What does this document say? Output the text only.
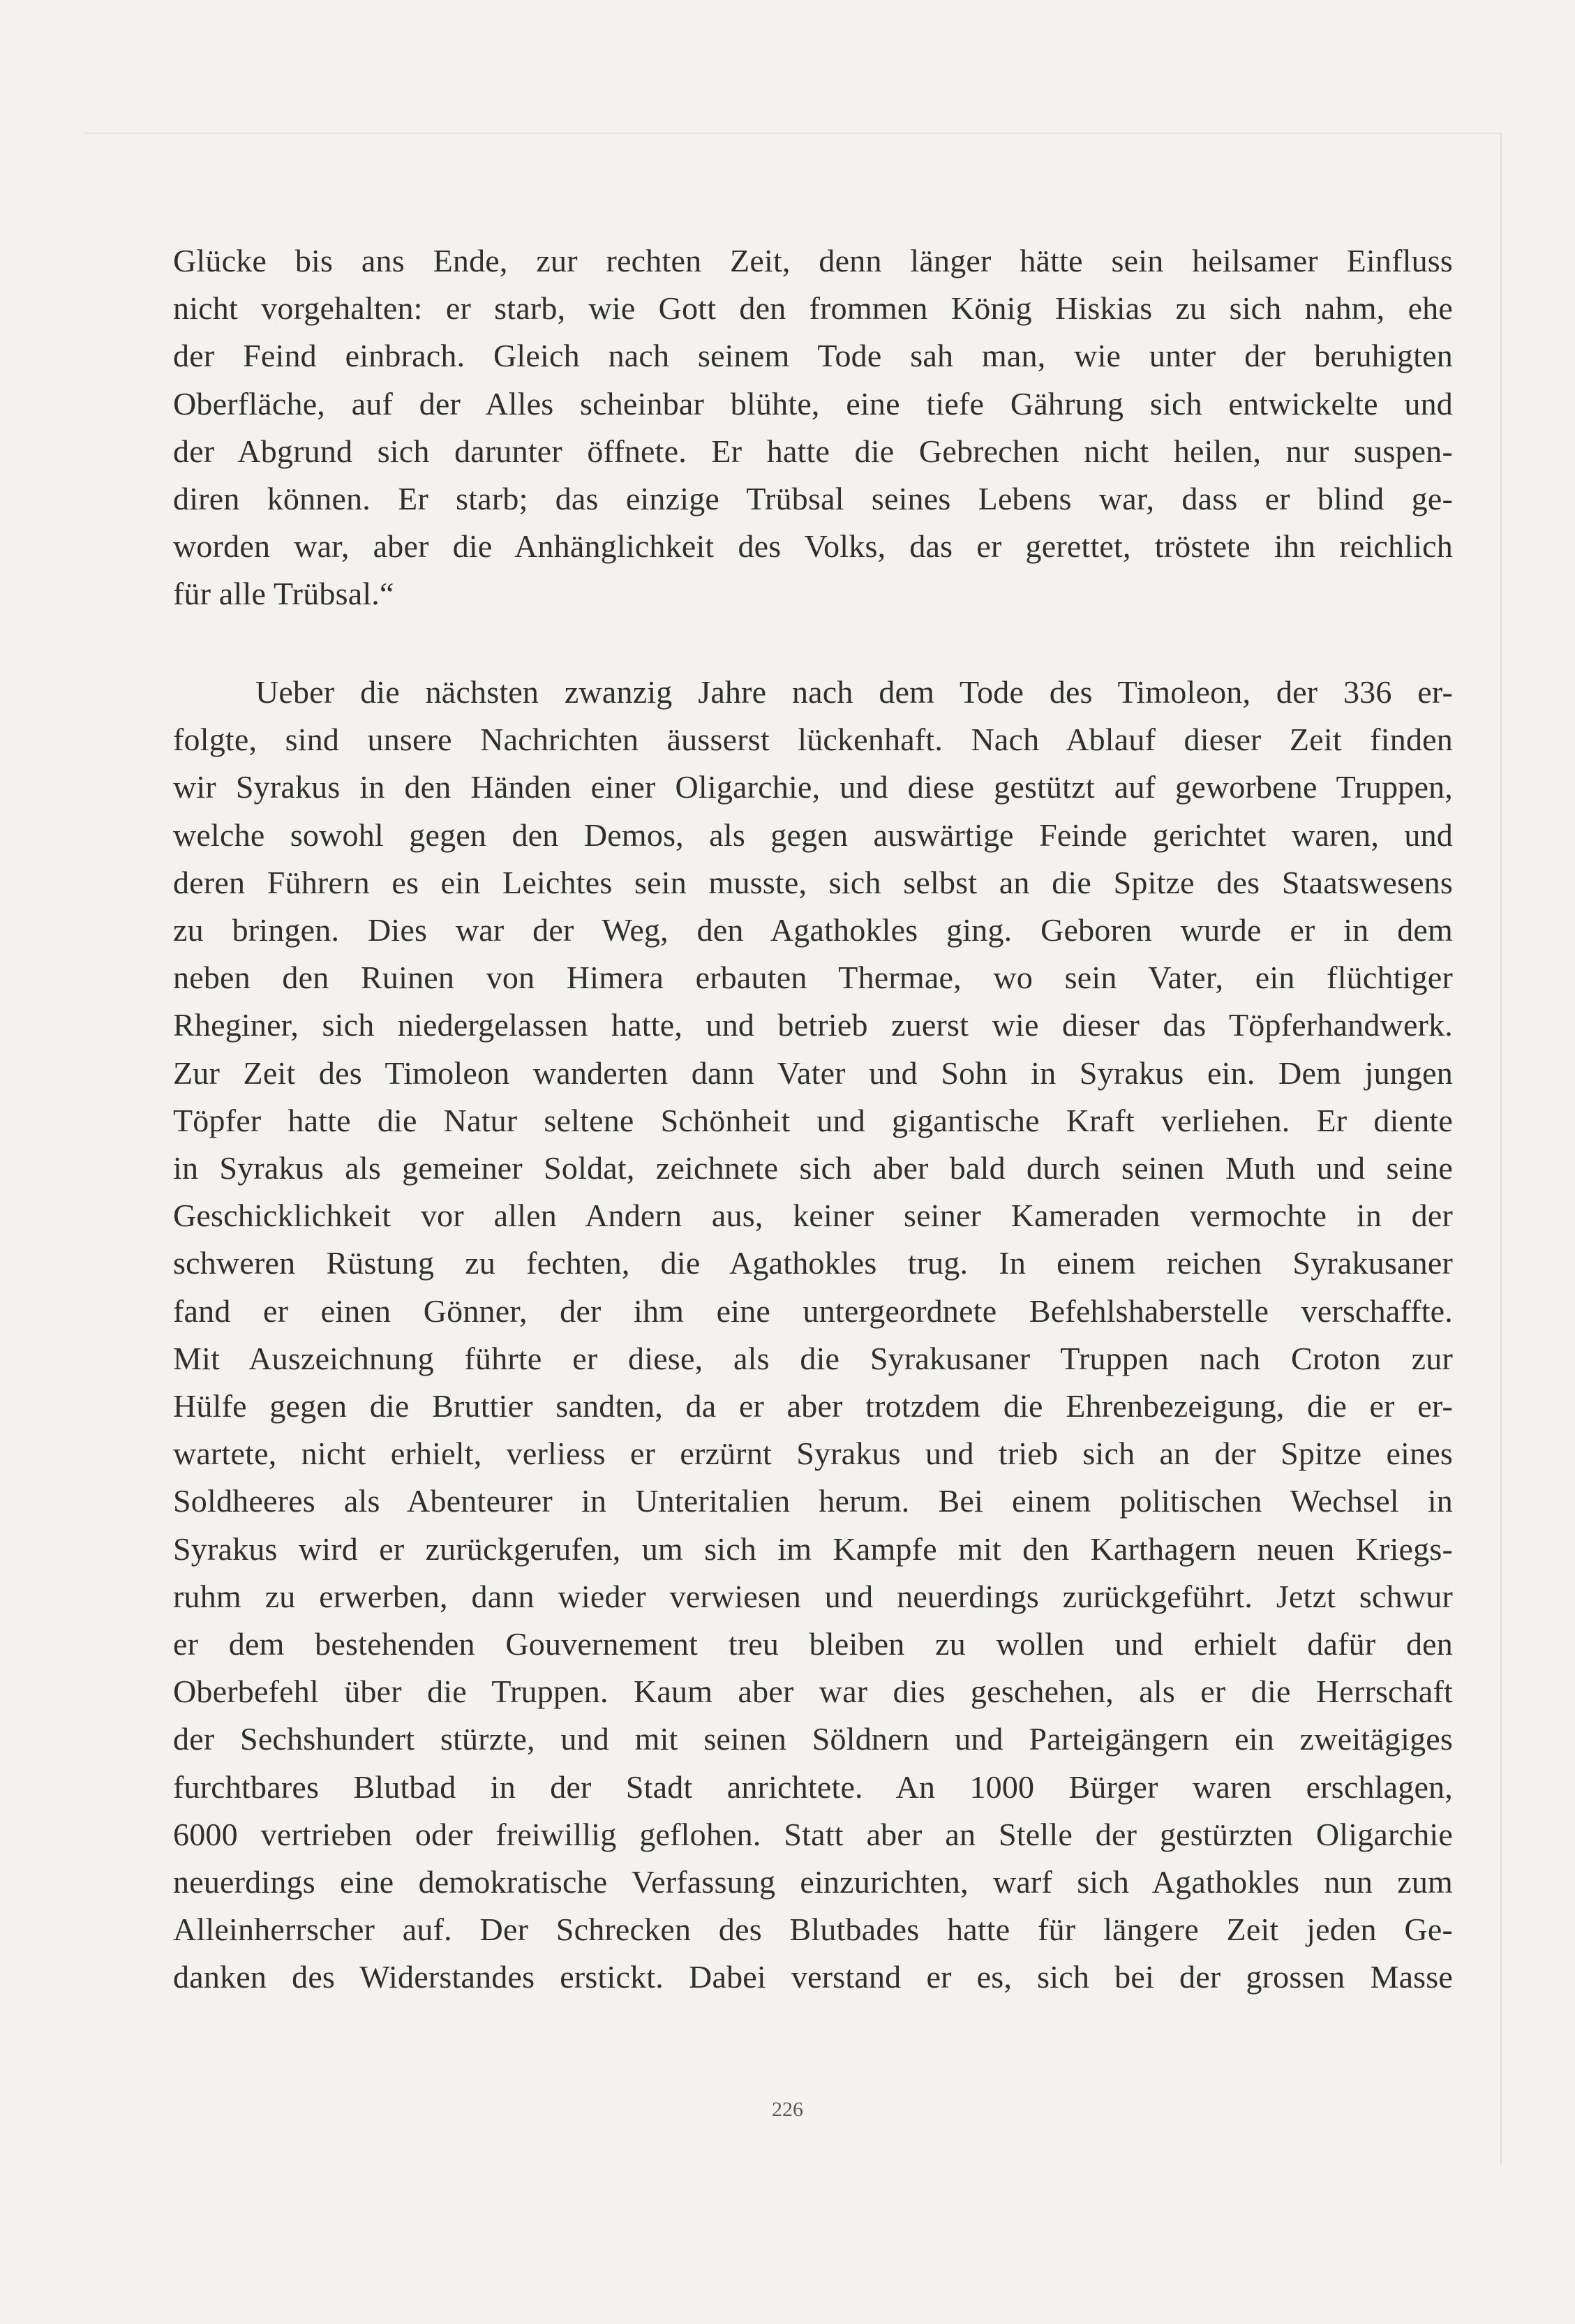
Glücke bis ans Ende, zur rechten Zeit, denn länger hätte sein heilsamer Einfluss
nicht vorgehalten: er starb, wie Gott den frommen König Hiskias zu sich nahm, ehe
der Feind einbrach. Gleich nach seinem Tode sah man, wie unter der beruhigten
Oberfläche, auf der Alles scheinbar blühte, eine tiefe Gährung sich entwickelte und
der Abgrund sich darunter öffnete. Er hatte die Gebrechen nicht heilen, nur suspen-
diren können. Er starb; das einzige Trübsal seines Lebens war, dass er blind ge-
worden war, aber die Anhänglichkeit des Volks, das er gerettet, tröstete ihn reichlich
für alle Trübsal.“
Ueber die nächsten zwanzig Jahre nach dem Tode des Timoleon, der 336 er-
folgte, sind unsere Nachrichten äusserst lückenhaft. Nach Ablauf dieser Zeit finden
wir Syrakus in den Händen einer Oligarchie, und diese gestützt auf geworbene Truppen,
welche sowohl gegen den Demos, als gegen auswärtige Feinde gerichtet waren, und
deren Führern es ein Leichtes sein musste, sich selbst an die Spitze des Staatswesens
zu bringen. Dies war der Weg, den Agathokles ging. Geboren wurde er in dem
neben den Ruinen von Himera erbauten Thermae, wo sein Vater, ein flüchtiger
Rheginer, sich niedergelassen hatte, und betrieb zuerst wie dieser das Töpferhandwerk.
Zur Zeit des Timoleon wanderten dann Vater und Sohn in Syrakus ein. Dem jungen
Töpfer hatte die Natur seltene Schönheit und gigantische Kraft verliehen. Er diente
in Syrakus als gemeiner Soldat, zeichnete sich aber bald durch seinen Muth und seine
Geschicklichkeit vor allen Andern aus, keiner seiner Kameraden vermochte in der
schweren Rüstung zu fechten, die Agathokles trug. In einem reichen Syrakusaner
fand er einen Gönner, der ihm eine untergeordnete Befehlshaberstelle verschaffte.
Mit Auszeichnung führte er diese, als die Syrakusaner Truppen nach Croton zur
Hülfe gegen die Bruttier sandten, da er aber trotzdem die Ehrenbezeigung, die er er-
wartete, nicht erhielt, verliess er erzürnt Syrakus und trieb sich an der Spitze eines
Soldheeres als Abenteurer in Unteritalien herum. Bei einem politischen Wechsel in
Syrakus wird er zurückgerufen, um sich im Kampfe mit den Karthagern neuen Kriegs-
ruhm zu erwerben, dann wieder verwiesen und neuerdings zurückgeführt. Jetzt schwur
er dem bestehenden Gouvernement treu bleiben zu wollen und erhielt dafür den
Oberbefehl über die Truppen. Kaum aber war dies geschehen, als er die Herrschaft
der Sechshundert stürzte, und mit seinen Söldnern und Parteigängern ein zweitägiges
furchtbares Blutbad in der Stadt anrichtete. An 1000 Bürger waren erschlagen,
6000 vertrieben oder freiwillig geflohen. Statt aber an Stelle der gestürzten Oligarchie
neuerdings eine demokratische Verfassung einzurichten, warf sich Agathokles nun zum
Alleinherrscher auf. Der Schrecken des Blutbades hatte für längere Zeit jeden Ge-
danken des Widerstandes erstickt. Dabei verstand er es, sich bei der grossen Masse
226
